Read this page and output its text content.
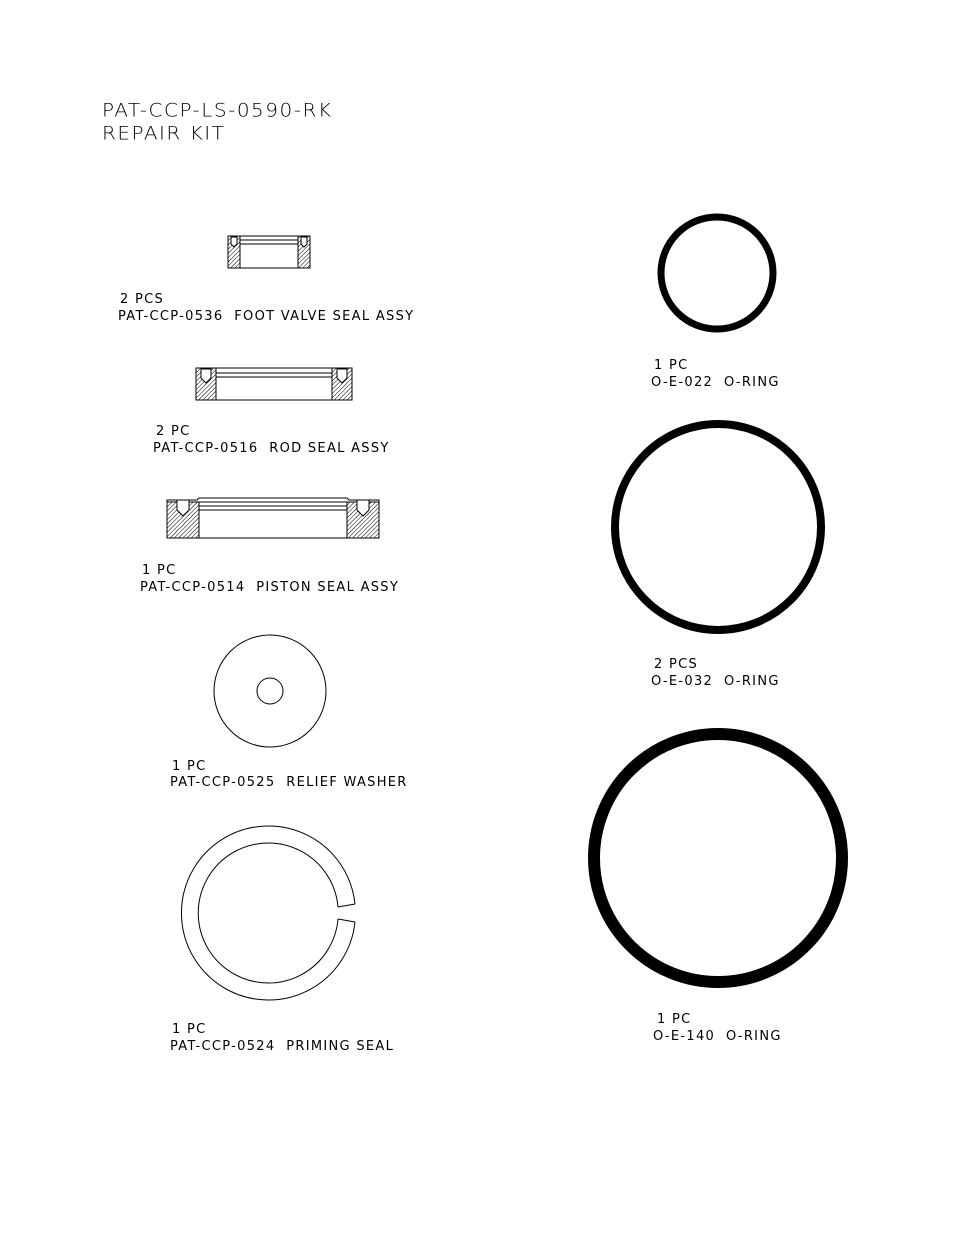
PAT-CCP-LS-0590-RK
REPAIR KIT
2 PCS
PAT-CCP-0536  FOOT VALVE SEAL ASSY
2 PC
PAT-CCP-0516  ROD SEAL ASSY
1 PC
PAT-CCP-0514  PISTON SEAL ASSY
1 PC
PAT-CCP-0525  RELIEF WASHER
1 PC
PAT-CCP-0524  PRIMING SEAL
1 PC
O-E-022  O-RING
2 PCS
O-E-032  O-RING
1 PC
O-E-140  O-RING
